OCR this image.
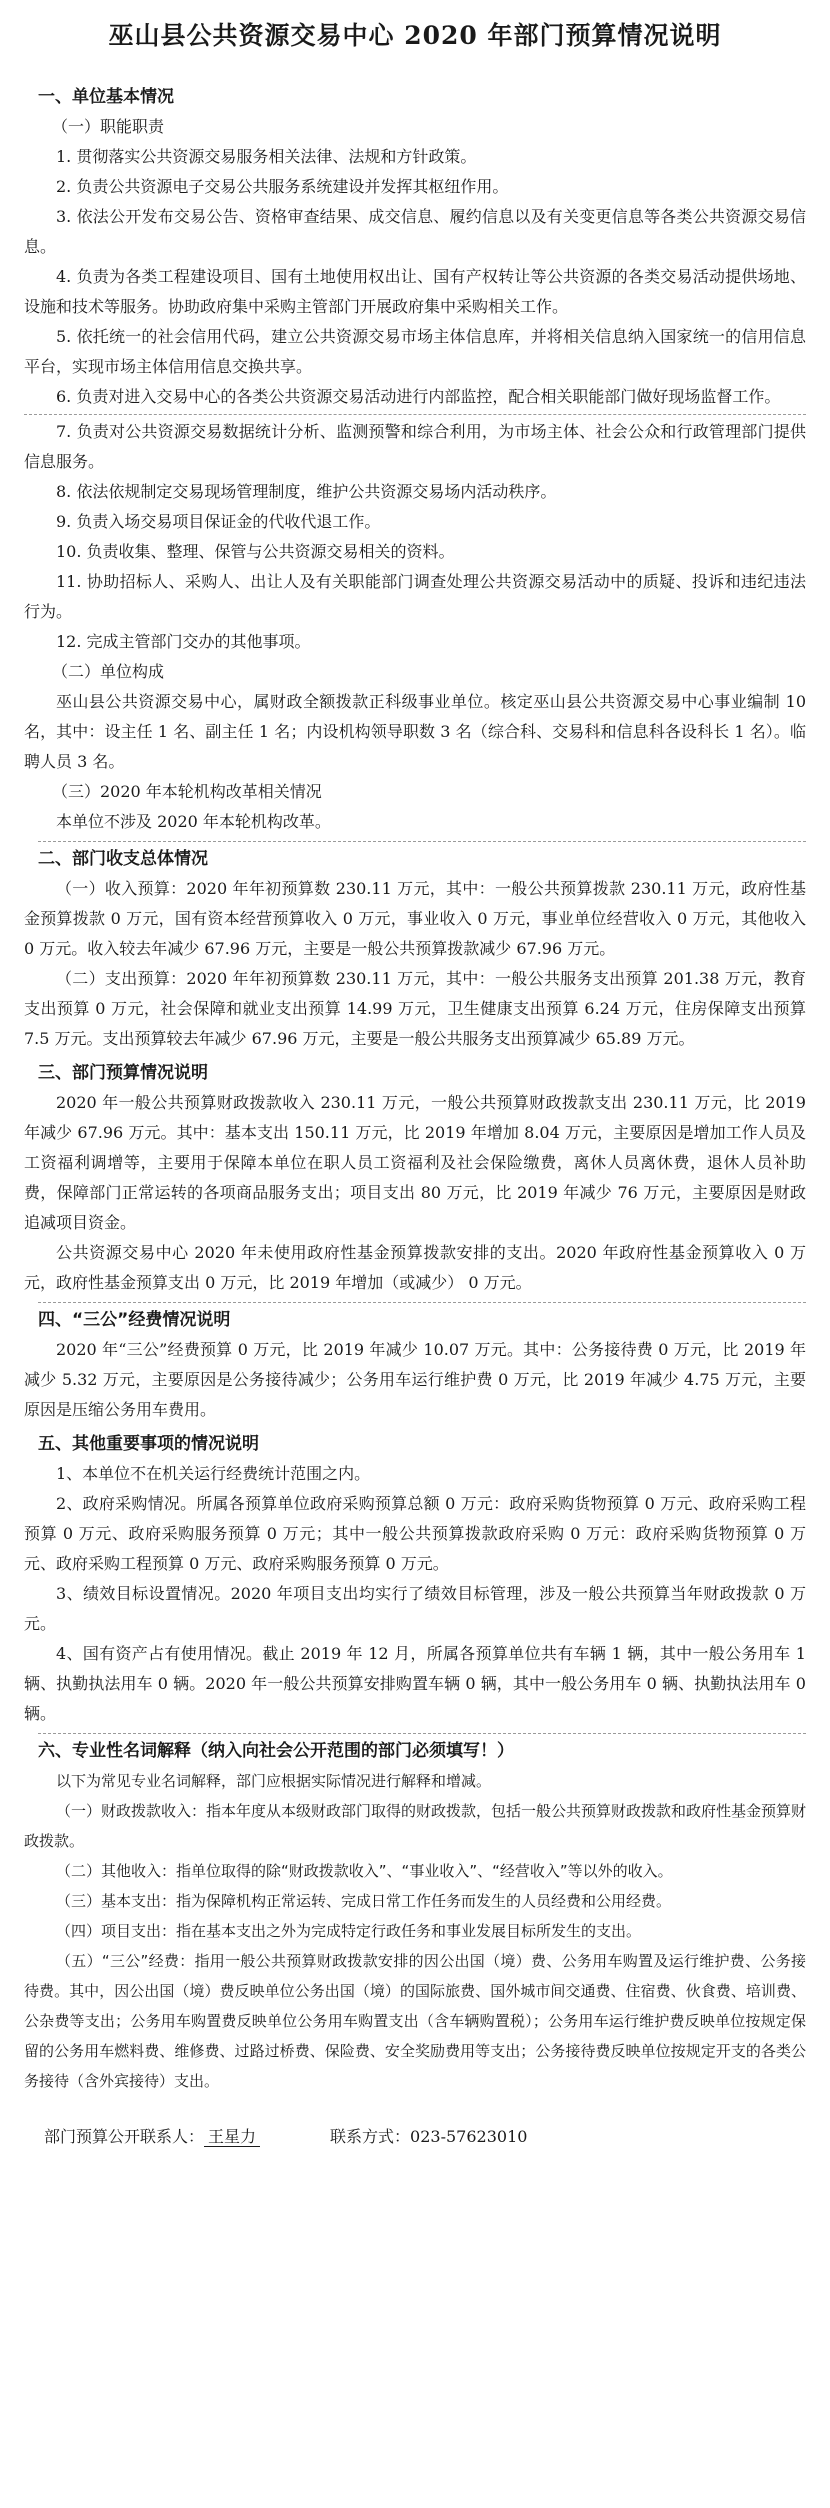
巫山县公共资源交易中心 2020 年部门预算情况说明
一、单位基本情况
（一）职能职责

1. 贯彻落实公共资源交易服务相关法律、法规和方针政策。

2. 负责公共资源电子交易公共服务系统建设并发挥其枢纽作用。

3. 依法公开发布交易公告、资格审查结果、成交信息、履约信息以及有关变更信息等各类公共资源交易信息。

4. 负责为各类工程建设项目、国有土地使用权出让、国有产权转让等公共资源的各类交易活动提供场地、设施和技术等服务。协助政府集中采购主管部门开展政府集中采购相关工作。

5. 依托统一的社会信用代码，建立公共资源交易市场主体信息库，并将相关信息纳入国家统一的信用信息平台，实现市场主体信用信息交换共享。

6. 负责对进入交易中心的各类公共资源交易活动进行内部监控，配合相关职能部门做好现场监督工作。

7. 负责对公共资源交易数据统计分析、监测预警和综合利用，为市场主体、社会公众和行政管理部门提供信息服务。

8. 依法依规制定交易现场管理制度，维护公共资源交易场内活动秩序。

9. 负责入场交易项目保证金的代收代退工作。

10. 负责收集、整理、保管与公共资源交易相关的资料。

11. 协助招标人、采购人、出让人及有关职能部门调查处理公共资源交易活动中的质疑、投诉和违纪违法行为。

12. 完成主管部门交办的其他事项。

（二）单位构成

巫山县公共资源交易中心，属财政全额拨款正科级事业单位。核定巫山县公共资源交易中心事业编制 10 名，其中：设主任 1 名、副主任 1 名；内设机构领导职数 3 名（综合科、交易科和信息科各设科长 1 名）。临聘人员 3 名。

（三）2020 年本轮机构改革相关情况

本单位不涉及 2020 年本轮机构改革。

二、部门收支总体情况

（一）收入预算：2020 年年初预算数 230.11 万元，其中：一般公共预算拨款 230.11 万元，政府性基金预算拨款 0 万元，国有资本经营预算收入 0 万元，事业收入 0 万元，事业单位经营收入 0 万元，其他收入 0 万元。收入较去年减少 67.96 万元，主要是一般公共预算拨款减少 67.96 万元。

（二）支出预算：2020 年年初预算数 230.11 万元，其中：一般公共服务支出预算 201.38 万元，教育支出预算 0 万元，社会保障和就业支出预算 14.99 万元，卫生健康支出预算 6.24 万元，住房保障支出预算 7.5 万元。支出预算较去年减少 67.96 万元，主要是一般公共服务支出预算减少 65.89 万元。

三、部门预算情况说明

2020 年一般公共预算财政拨款收入 230.11 万元，一般公共预算财政拨款支出 230.11 万元，比 2019 年减少 67.96 万元。其中：基本支出 150.11 万元，比 2019 年增加 8.04 万元，主要原因是增加工作人员及工资福利调增等，主要用于保障本单位在职人员工资福利及社会保险缴费，离休人员离休费，退休人员补助费，保障部门正常运转的各项商品服务支出；项目支出 80 万元，比 2019 年减少 76 万元，主要原因是财政追减项目资金。

公共资源交易中心 2020 年未使用政府性基金预算拨款安排的支出。2020 年政府性基金预算收入 0 万元，政府性基金预算支出 0 万元，比 2019 年增加（或减少） 0 万元。

四、“三公”经费情况说明

2020 年“三公”经费预算 0 万元，比 2019 年减少 10.07 万元。其中：公务接待费 0 万元，比 2019 年减少 5.32 万元，主要原因是公务接待减少；公务用车运行维护费 0 万元，比 2019 年减少 4.75 万元，主要原因是压缩公务用车费用。

五、其他重要事项的情况说明

1、本单位不在机关运行经费统计范围之内。

2、政府采购情况。所属各预算单位政府采购预算总额 0 万元：政府采购货物预算 0 万元、政府采购工程预算 0 万元、政府采购服务预算 0 万元；其中一般公共预算拨款政府采购 0 万元：政府采购货物预算 0 万元、政府采购工程预算 0 万元、政府采购服务预算 0 万元。

3、绩效目标设置情况。2020 年项目支出均实行了绩效目标管理，涉及一般公共预算当年财政拨款 0 万元。

4、国有资产占有使用情况。截止 2019 年 12 月，所属各预算单位共有车辆 1 辆，其中一般公务用车 1 辆、执勤执法用车 0 辆。2020 年一般公共预算安排购置车辆 0 辆，其中一般公务用车 0 辆、执勤执法用车 0 辆。

六、专业性名词解释（纳入向社会公开范围的部门必须填写！）

以下为常见专业名词解释，部门应根据实际情况进行解释和增减。

（一）财政拨款收入：指本年度从本级财政部门取得的财政拨款，包括一般公共预算财政拨款和政府性基金预算财政拨款。

（二）其他收入：指单位取得的除“财政拨款收入”、“事业收入”、“经营收入”等以外的收入。

（三）基本支出：指为保障机构正常运转、完成日常工作任务而发生的人员经费和公用经费。

（四）项目支出：指在基本支出之外为完成特定行政任务和事业发展目标所发生的支出。

（五）“三公”经费：指用一般公共预算财政拨款安排的因公出国（境）费、公务用车购置及运行维护费、公务接待费。其中，因公出国（境）费反映单位公务出国（境）的国际旅费、国外城市间交通费、住宿费、伙食费、培训费、公杂费等支出；公务用车购置费反映单位公务用车购置支出（含车辆购置税）；公务用车运行维护费反映单位按规定保留的公务用车燃料费、维修费、过路过桥费、保险费、安全奖励费用等支出；公务接待费反映单位按规定开支的各类公务接待（含外宾接待）支出。

部门预算公开联系人： 王星力	联系方式：023-57623010
